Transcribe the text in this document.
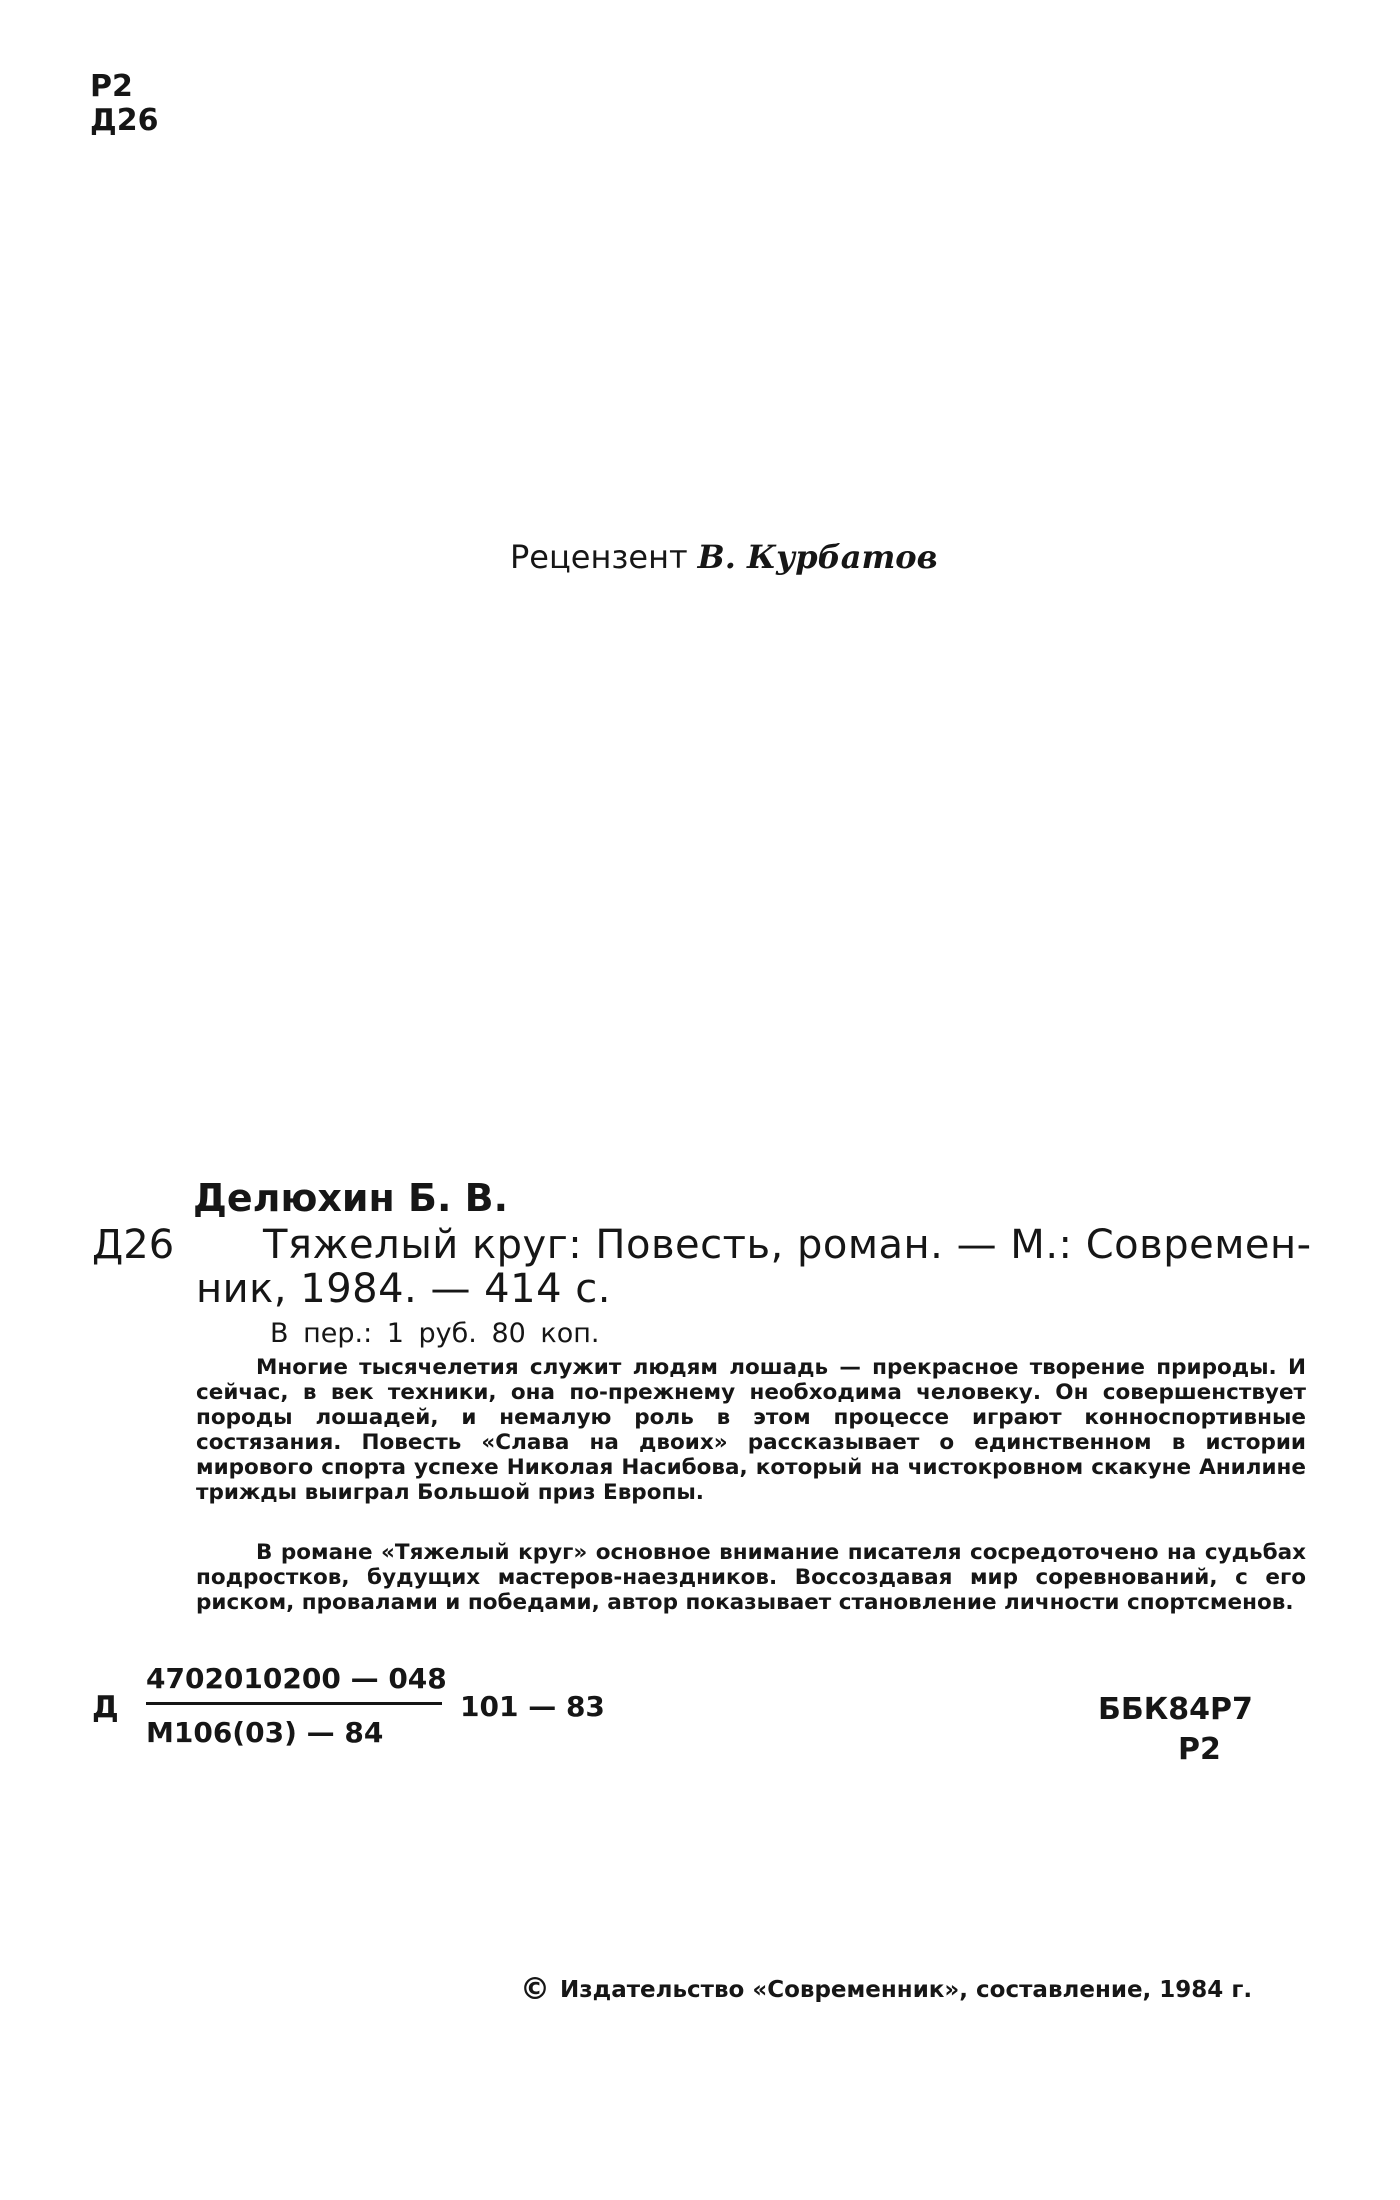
Р2
Д26
Рецензент В. Курбатов
Делюхин Б. В.
Д26 Тяжелый круг: Повесть, роман. — М.: Современ-
ник, 1984. — 414 с.
В пер.: 1 руб. 80 коп.
Многие тысячелетия служит людям лошадь — прекрасное творение природы. И сейчас, в век техники, она по-прежнему необходима человеку. Он совершенствует породы лошадей, и немалую роль в этом процессе играют конноспортивные состязания. Повесть «Слава на двоих» рассказывает о единственном в истории мирового спорта успехе Николая Насибова, который на чистокровном скакуне Анилине трижды выиграл Большой приз Европы.
В романе «Тяжелый круг» основное внимание писателя сосредоточено на судьбах подростков, будущих мастеров-наездников. Воссоздавая мир соревнований, с его риском, провалами и победами, автор показывает становление личности спортсменов.
Д
4702010200 — 048
М106(03) — 84
101 — 83	ББК84Р7
Р2
© Издательство «Современник», составление, 1984 г.
